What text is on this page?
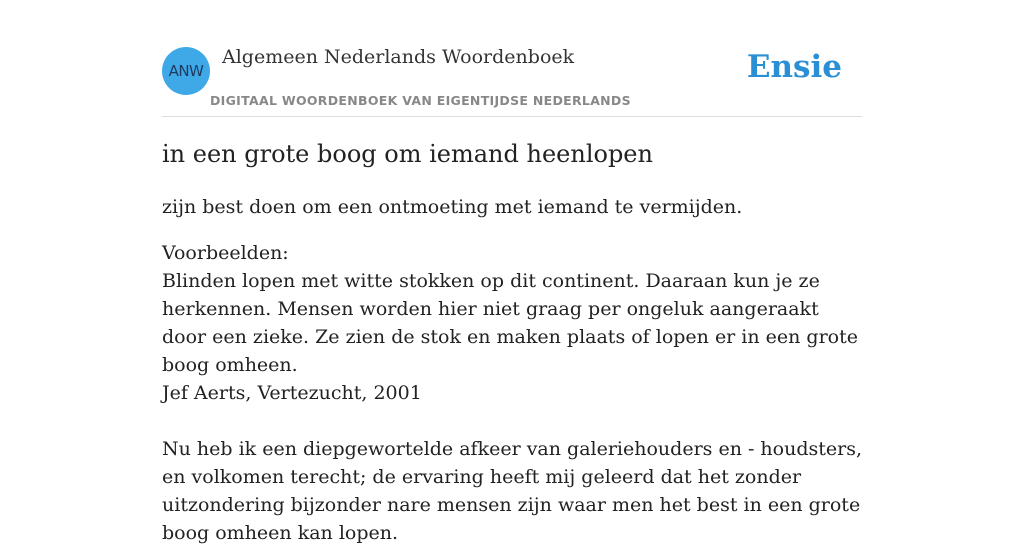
ANW
Algemeen Nederlands Woordenboek
DIGITAAL WOORDENBOEK VAN EIGENTIJDSE NEDERLANDS
Ensie
in een grote boog om iemand heenlopen

zijn best doen om een ontmoeting met iemand te vermijden.

Voorbeelden:

Blinden lopen met witte stokken op dit continent. Daaraan kun je ze herkennen. Mensen worden hier niet graag per ongeluk aangeraakt door een zieke. Ze zien de stok en maken plaats of lopen er in een grote boog omheen.

Jef Aerts, Vertezucht, 2001

Nu heb ik een diepgewortelde afkeer van galeriehouders en - houdsters, en volkomen terecht; de ervaring heeft mij geleerd dat het zonder uitzondering bijzonder nare mensen zijn waar men het best in een grote boog omheen kan lopen.
